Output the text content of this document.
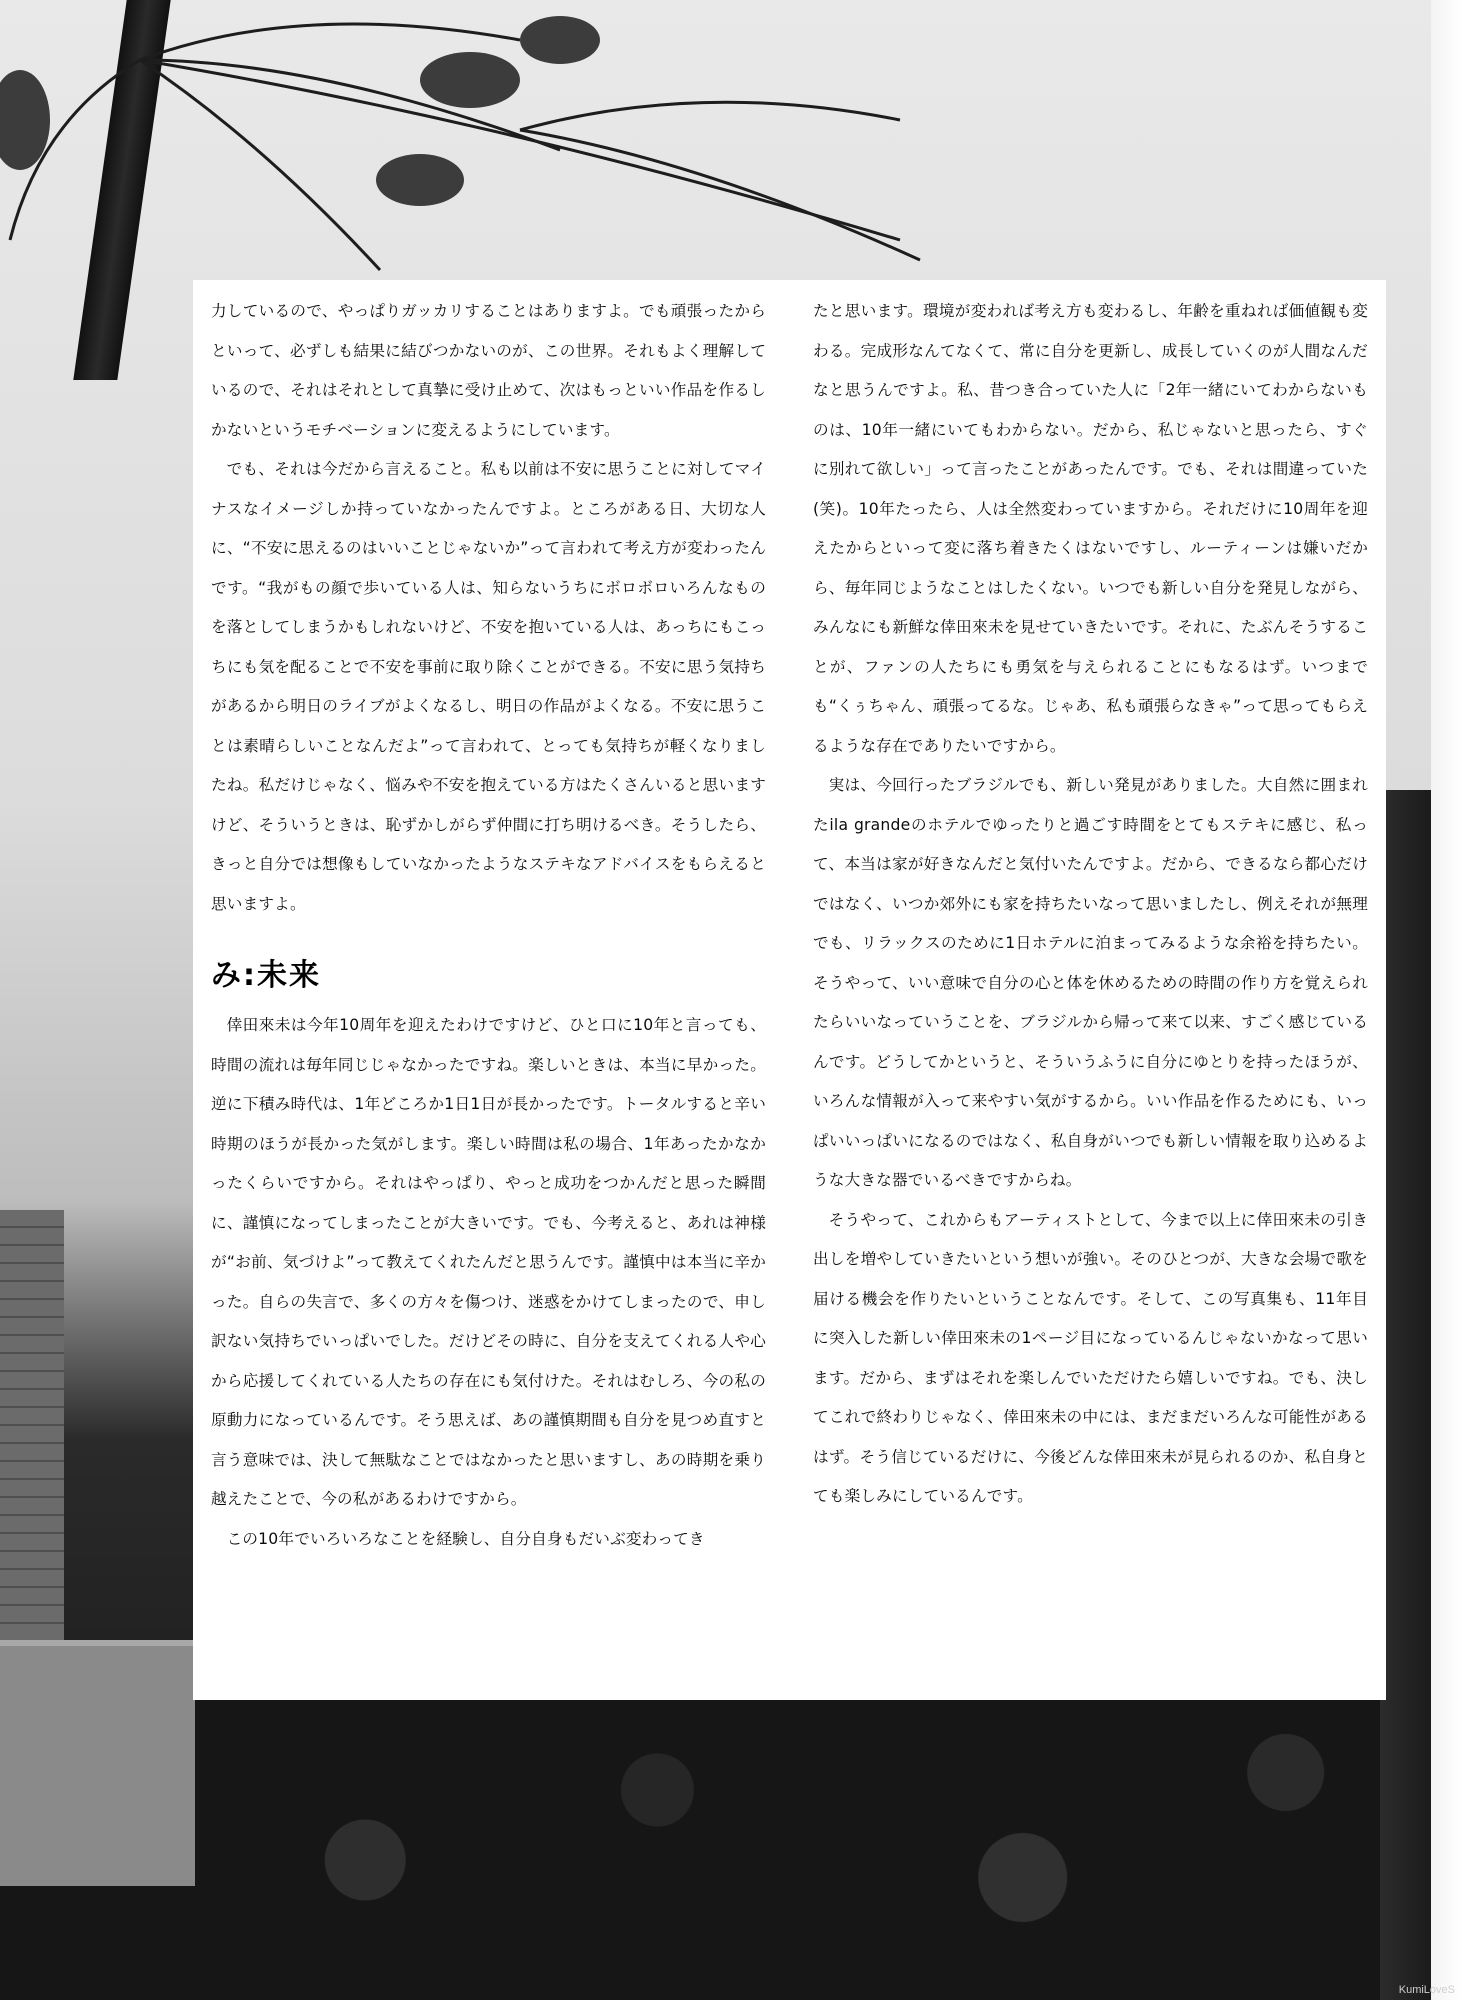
力しているので、やっぱりガッカリすることはありますよ。でも頑張ったからといって、必ずしも結果に結びつかないのが、この世界。それもよく理解しているので、それはそれとして真摯に受け止めて、次はもっといい作品を作るしかないというモチベーションに変えるようにしています。

でも、それは今だから言えること。私も以前は不安に思うことに対してマイナスなイメージしか持っていなかったんですよ。ところがある日、大切な人に、“不安に思えるのはいいことじゃないか”って言われて考え方が変わったんです。“我がもの顔で歩いている人は、知らないうちにボロボロいろんなものを落としてしまうかもしれないけど、不安を抱いている人は、あっちにもこっちにも気を配ることで不安を事前に取り除くことができる。不安に思う気持ちがあるから明日のライブがよくなるし、明日の作品がよくなる。不安に思うことは素晴らしいことなんだよ”って言われて、とっても気持ちが軽くなりましたね。私だけじゃなく、悩みや不安を抱えている方はたくさんいると思いますけど、そういうときは、恥ずかしがらず仲間に打ち明けるべき。そうしたら、きっと自分では想像もしていなかったようなステキなアドバイスをもらえると思いますよ。

み:未来

倖田來未は今年10周年を迎えたわけですけど、ひと口に10年と言っても、時間の流れは毎年同じじゃなかったですね。楽しいときは、本当に早かった。逆に下積み時代は、1年どころか1日1日が長かったです。トータルすると辛い時期のほうが長かった気がします。楽しい時間は私の場合、1年あったかなかったくらいですから。それはやっぱり、やっと成功をつかんだと思った瞬間に、謹慎になってしまったことが大きいです。でも、今考えると、あれは神様が“お前、気づけよ”って教えてくれたんだと思うんです。謹慎中は本当に辛かった。自らの失言で、多くの方々を傷つけ、迷惑をかけてしまったので、申し訳ない気持ちでいっぱいでした。だけどその時に、自分を支えてくれる人や心から応援してくれている人たちの存在にも気付けた。それはむしろ、今の私の原動力になっているんです。そう思えば、あの謹慎期間も自分を見つめ直すと言う意味では、決して無駄なことではなかったと思いますし、あの時期を乗り越えたことで、今の私があるわけですから。

この10年でいろいろなことを経験し、自分自身もだいぶ変わってき

たと思います。環境が変われば考え方も変わるし、年齢を重ねれば価値観も変わる。完成形なんてなくて、常に自分を更新し、成長していくのが人間なんだなと思うんですよ。私、昔つき合っていた人に「2年一緒にいてわからないものは、10年一緒にいてもわからない。だから、私じゃないと思ったら、すぐに別れて欲しい」って言ったことがあったんです。でも、それは間違っていた(笑)。10年たったら、人は全然変わっていますから。それだけに10周年を迎えたからといって変に落ち着きたくはないですし、ルーティーンは嫌いだから、毎年同じようなことはしたくない。いつでも新しい自分を発見しながら、みんなにも新鮮な倖田來未を見せていきたいです。それに、たぶんそうすることが、ファンの人たちにも勇気を与えられることにもなるはず。いつまでも“くぅちゃん、頑張ってるな。じゃあ、私も頑張らなきゃ”って思ってもらえるような存在でありたいですから。

実は、今回行ったブラジルでも、新しい発見がありました。大自然に囲まれたila grandeのホテルでゆったりと過ごす時間をとてもステキに感じ、私って、本当は家が好きなんだと気付いたんですよ。だから、できるなら都心だけではなく、いつか郊外にも家を持ちたいなって思いましたし、例えそれが無理でも、リラックスのために1日ホテルに泊まってみるような余裕を持ちたい。そうやって、いい意味で自分の心と体を休めるための時間の作り方を覚えられたらいいなっていうことを、ブラジルから帰って来て以来、すごく感じているんです。どうしてかというと、そういうふうに自分にゆとりを持ったほうが、いろんな情報が入って来やすい気がするから。いい作品を作るためにも、いっぱいいっぱいになるのではなく、私自身がいつでも新しい情報を取り込めるような大きな器でいるべきですからね。

そうやって、これからもアーティストとして、今まで以上に倖田來未の引き出しを増やしていきたいという想いが強い。そのひとつが、大きな会場で歌を届ける機会を作りたいということなんです。そして、この写真集も、11年目に突入した新しい倖田來未の1ページ目になっているんじゃないかなって思います。だから、まずはそれを楽しんでいただけたら嬉しいですね。でも、決してこれで終わりじゃなく、倖田來未の中には、まだまだいろんな可能性があるはず。そう信じているだけに、今後どんな倖田來未が見られるのか、私自身とても楽しみにしているんです。

KumiLoveS
